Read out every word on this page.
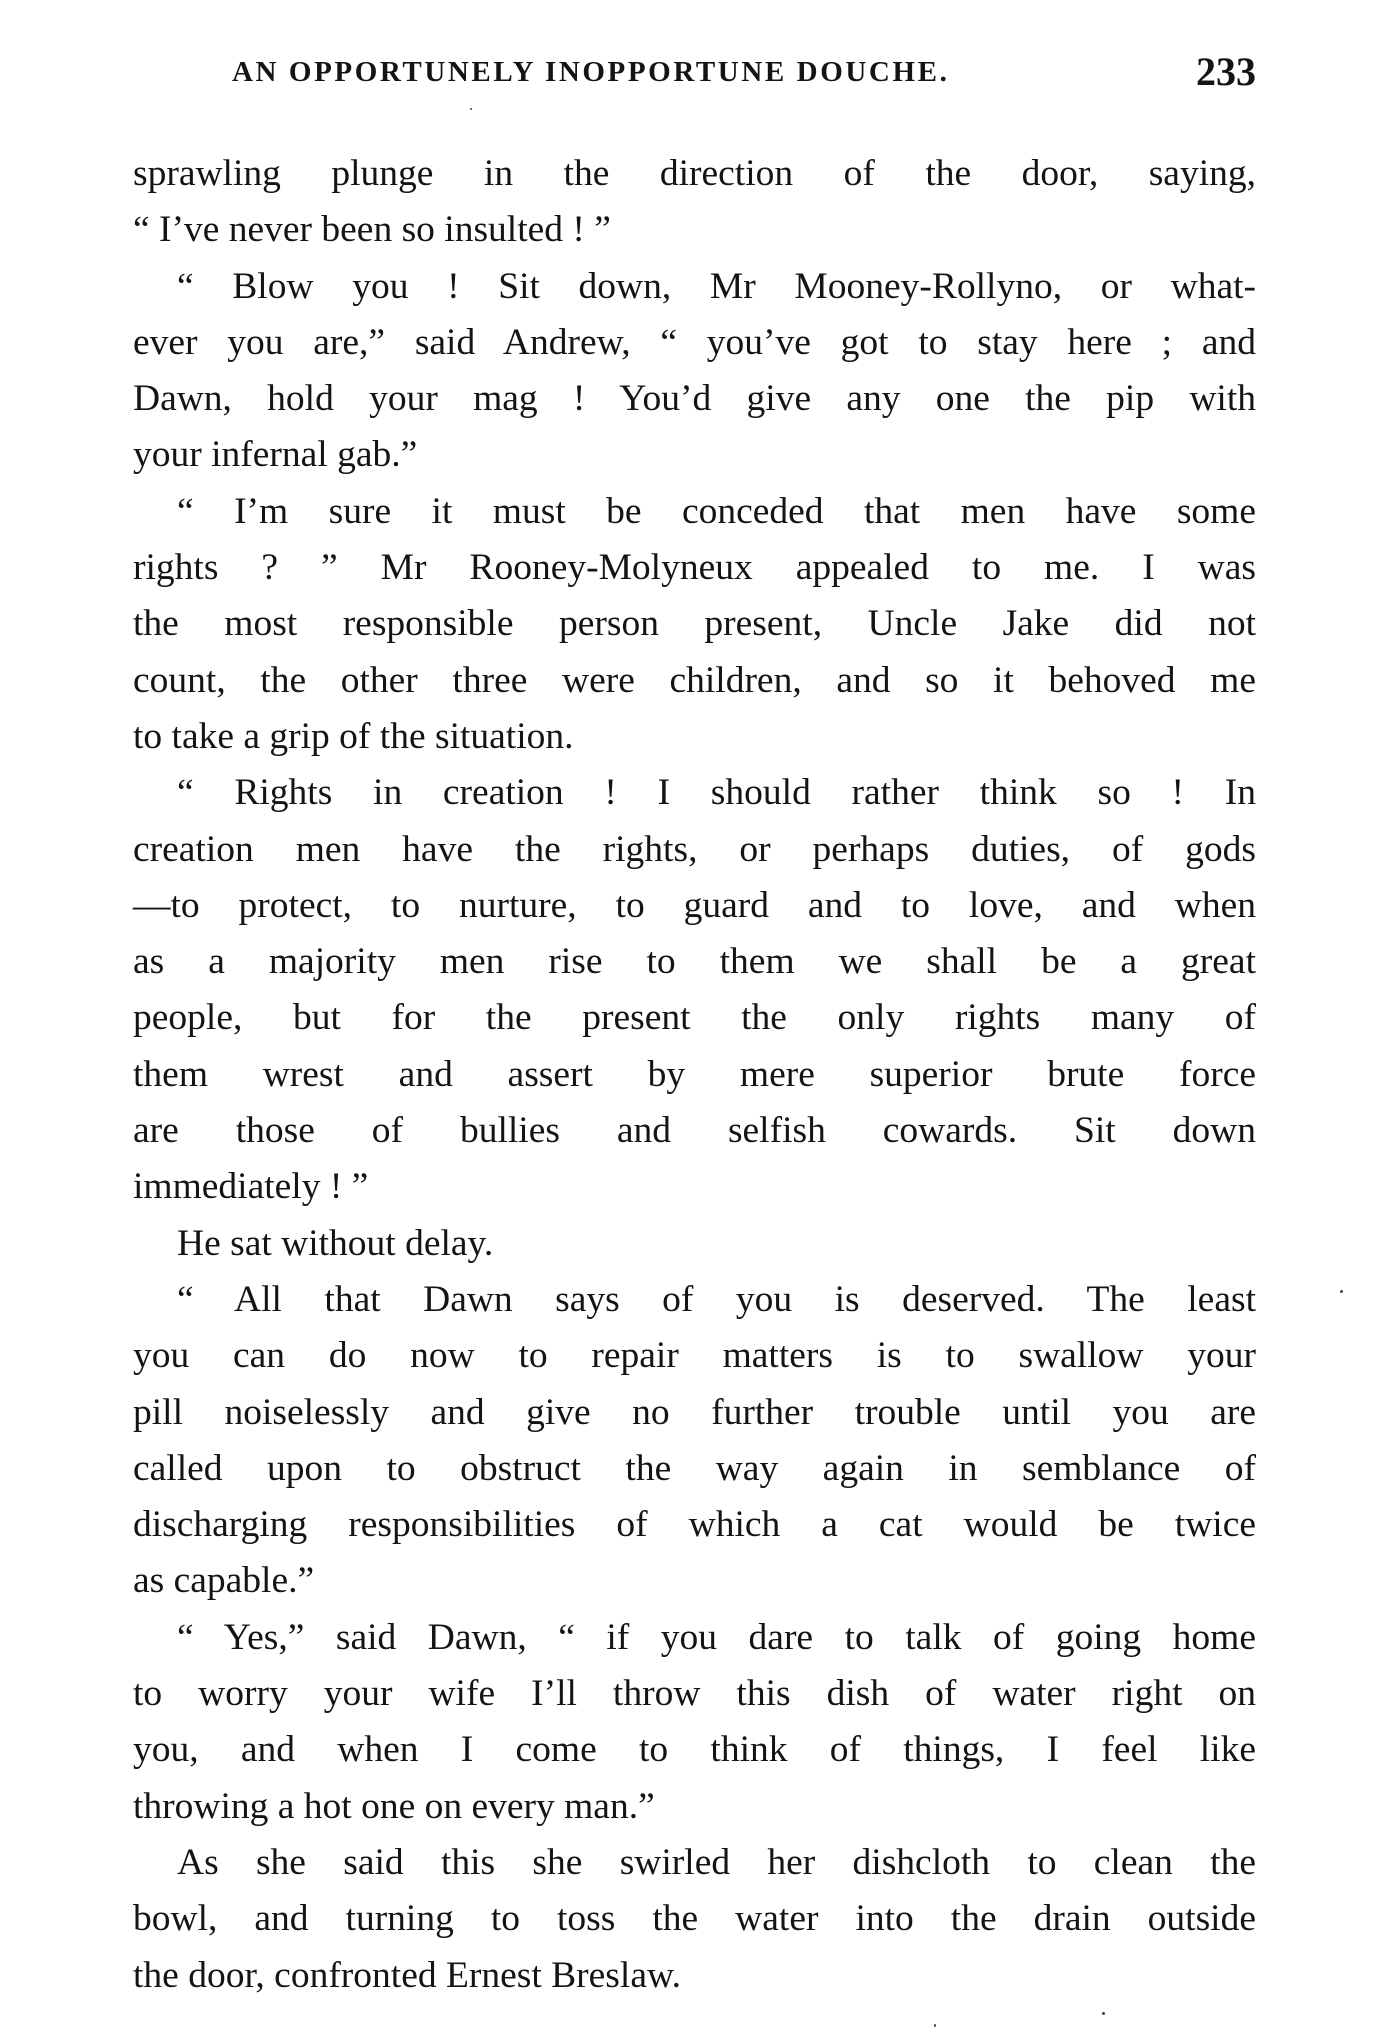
AN OPPORTUNELY INOPPORTUNE DOUCHE.	233
sprawling plunge in the direction of the door, saying,
“ I’ve never been so insulted ! ”
“ Blow you ! Sit down, Mr Mooney-Rollyno, or what-
ever you are,” said Andrew, “ you’ve got to stay here ; and
Dawn, hold your mag ! You’d give any one the pip with
your infernal gab.”
“ I’m sure it must be conceded that men have some
rights ? ” Mr Rooney-Molyneux appealed to me. I was
the most responsible person present, Uncle Jake did not
count, the other three were children, and so it behoved me
to take a grip of the situation.
“ Rights in creation ! I should rather think so ! In
creation men have the rights, or perhaps duties, of gods
—to protect, to nurture, to guard and to love, and when
as a majority men rise to them we shall be a great
people, but for the present the only rights many of
them wrest and assert by mere superior brute force
are those of bullies and selfish cowards. Sit down
immediately ! ”
He sat without delay.
“ All that Dawn says of you is deserved. The least
you can do now to repair matters is to swallow your
pill noiselessly and give no further trouble until you are
called upon to obstruct the way again in semblance of
discharging responsibilities of which a cat would be twice
as capable.”
“ Yes,” said Dawn, “ if you dare to talk of going home
to worry your wife I’ll throw this dish of water right on
you, and when I come to think of things, I feel like
throwing a hot one on every man.”
As she said this she swirled her dishcloth to clean the
bowl, and turning to toss the water into the drain outside
the door, confronted Ernest Breslaw.
